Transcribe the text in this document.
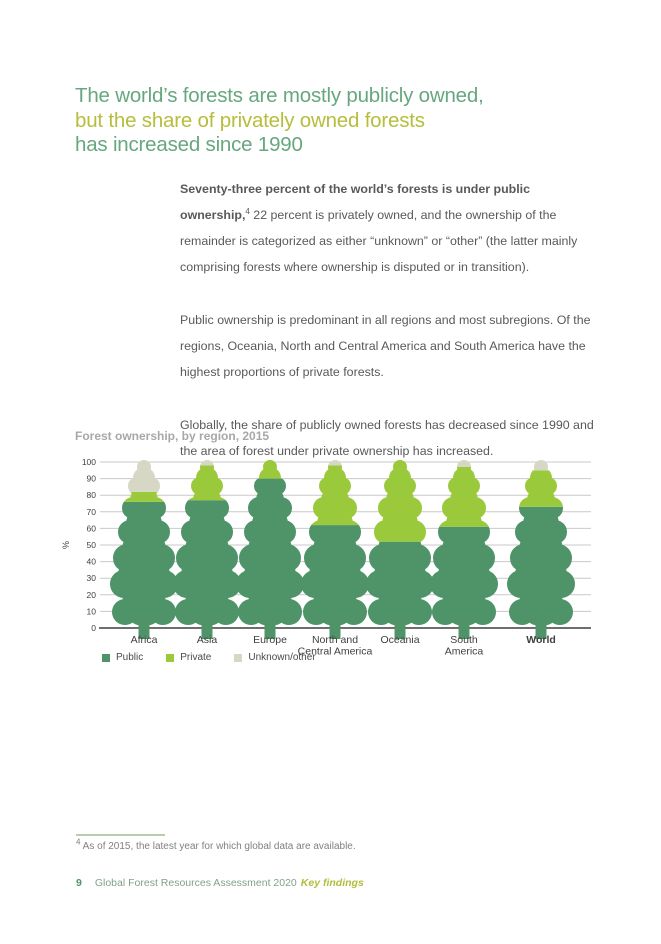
The world’s forests are mostly publicly owned,
but the share of privately owned forests
has increased since 1990

Seventy-three percent of the world’s forests is under public ownership,$^4$ 22 percent is privately owned, and the ownership of the remainder is categorized as either “unknown” or “other” (the latter mainly comprising forests where ownership is disputed or in transition).

Public ownership is predominant in all regions and most subregions. Of the regions, Oceania, North and Central America and South America have the highest proportions of private forests.

Globally, the share of publicly owned forests has decreased since 1990 and the area of forest under private ownership has increased.

Forest ownership, by region, 2015
0
10
20
30
40
50
60
70
80
90
100
%
Africa	Asia	Europe	North and Central America
Oceania	South America
World
Public	Private	Unknown/other
$^4$ As of 2015, the latest year for which global data are available.
9 Global Forest Resources Assessment 2020 Key findings
